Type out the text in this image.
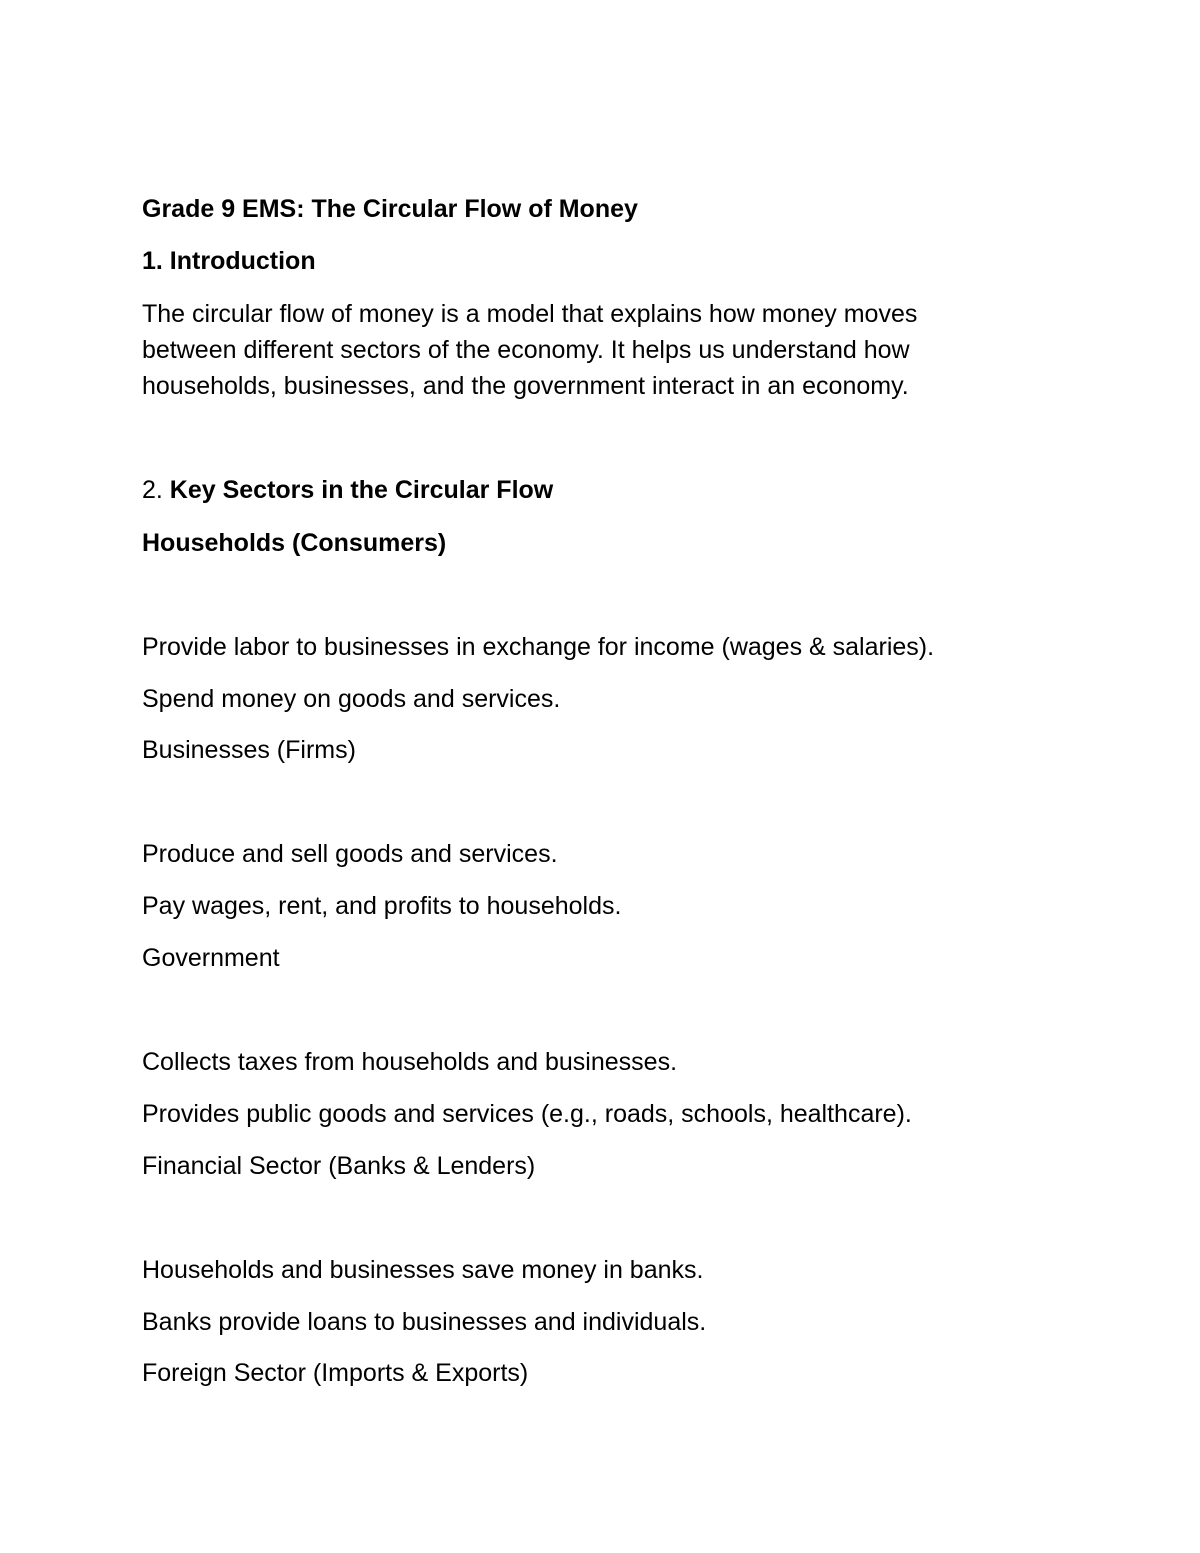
Grade 9 EMS: The Circular Flow of Money

1. Introduction

The circular flow of money is a model that explains how money moves
between different sectors of the economy. It helps us understand how
households, businesses, and the government interact in an economy.

2. Key Sectors in the Circular Flow

Households (Consumers)

Provide labor to businesses in exchange for income (wages & salaries).

Spend money on goods and services.

Businesses (Firms)

Produce and sell goods and services.

Pay wages, rent, and profits to households.

Government

Collects taxes from households and businesses.

Provides public goods and services (e.g., roads, schools, healthcare).

Financial Sector (Banks & Lenders)

Households and businesses save money in banks.

Banks provide loans to businesses and individuals.

Foreign Sector (Imports & Exports)
